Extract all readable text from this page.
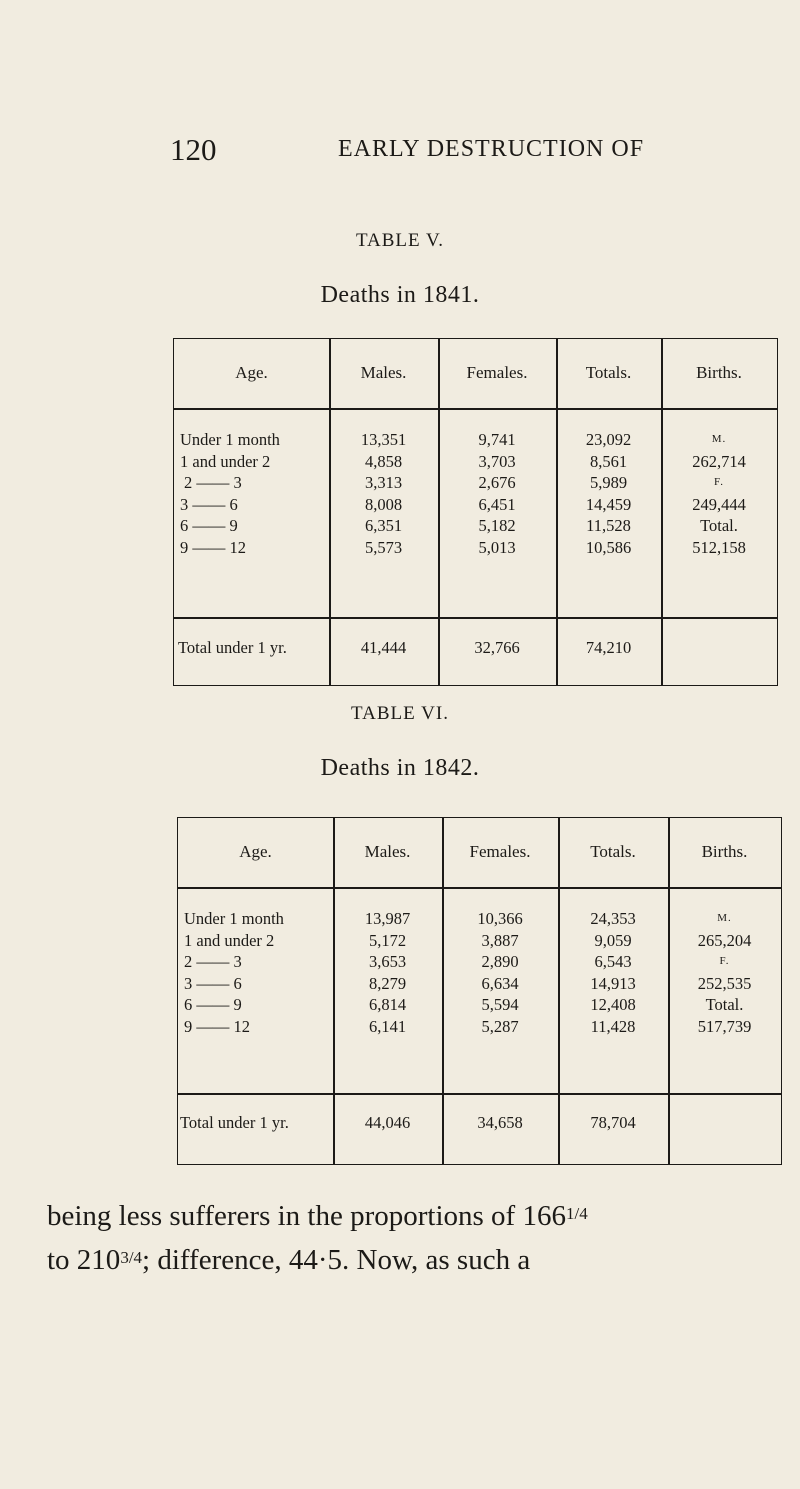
120	EARLY DESTRUCTION OF
TABLE V.
Deaths in 1841.
Age.
Under 1 month
1 and under 2
2 —— 3
3 —— 6
6 —— 9
9 —— 12
Total under 1 yr.
Males.
13,351
4,858
3,313
8,008
6,351
5,573
41,444
Females.
9,741
3,703
2,676
6,451
5,182
5,013
32,766
Totals.
23,092
8,561
5,989
14,459
11,528
10,586
74,210
Births.
M.
262,714
F.
249,444
Total.
512,158
TABLE VI.
Deaths in 1842.
Age.
Under 1 month
1 and under 2
2 —— 3
3 —— 6
6 —— 9
9 —— 12
Total under 1 yr.
Males.
13,987
5,172
3,653
8,279
6,814
6,141
44,046
Females.
10,366
3,887
2,890
6,634
5,594
5,287
34,658
Totals.
24,353
9,059
6,543
14,913
12,408
11,428
78,704
Births.
M.
265,204
F.
252,535
Total.
517,739
being less sufferers in the proportions of $166^{1/4}$
to $210^{3/4}$; difference, 44·5. Now, as such a
